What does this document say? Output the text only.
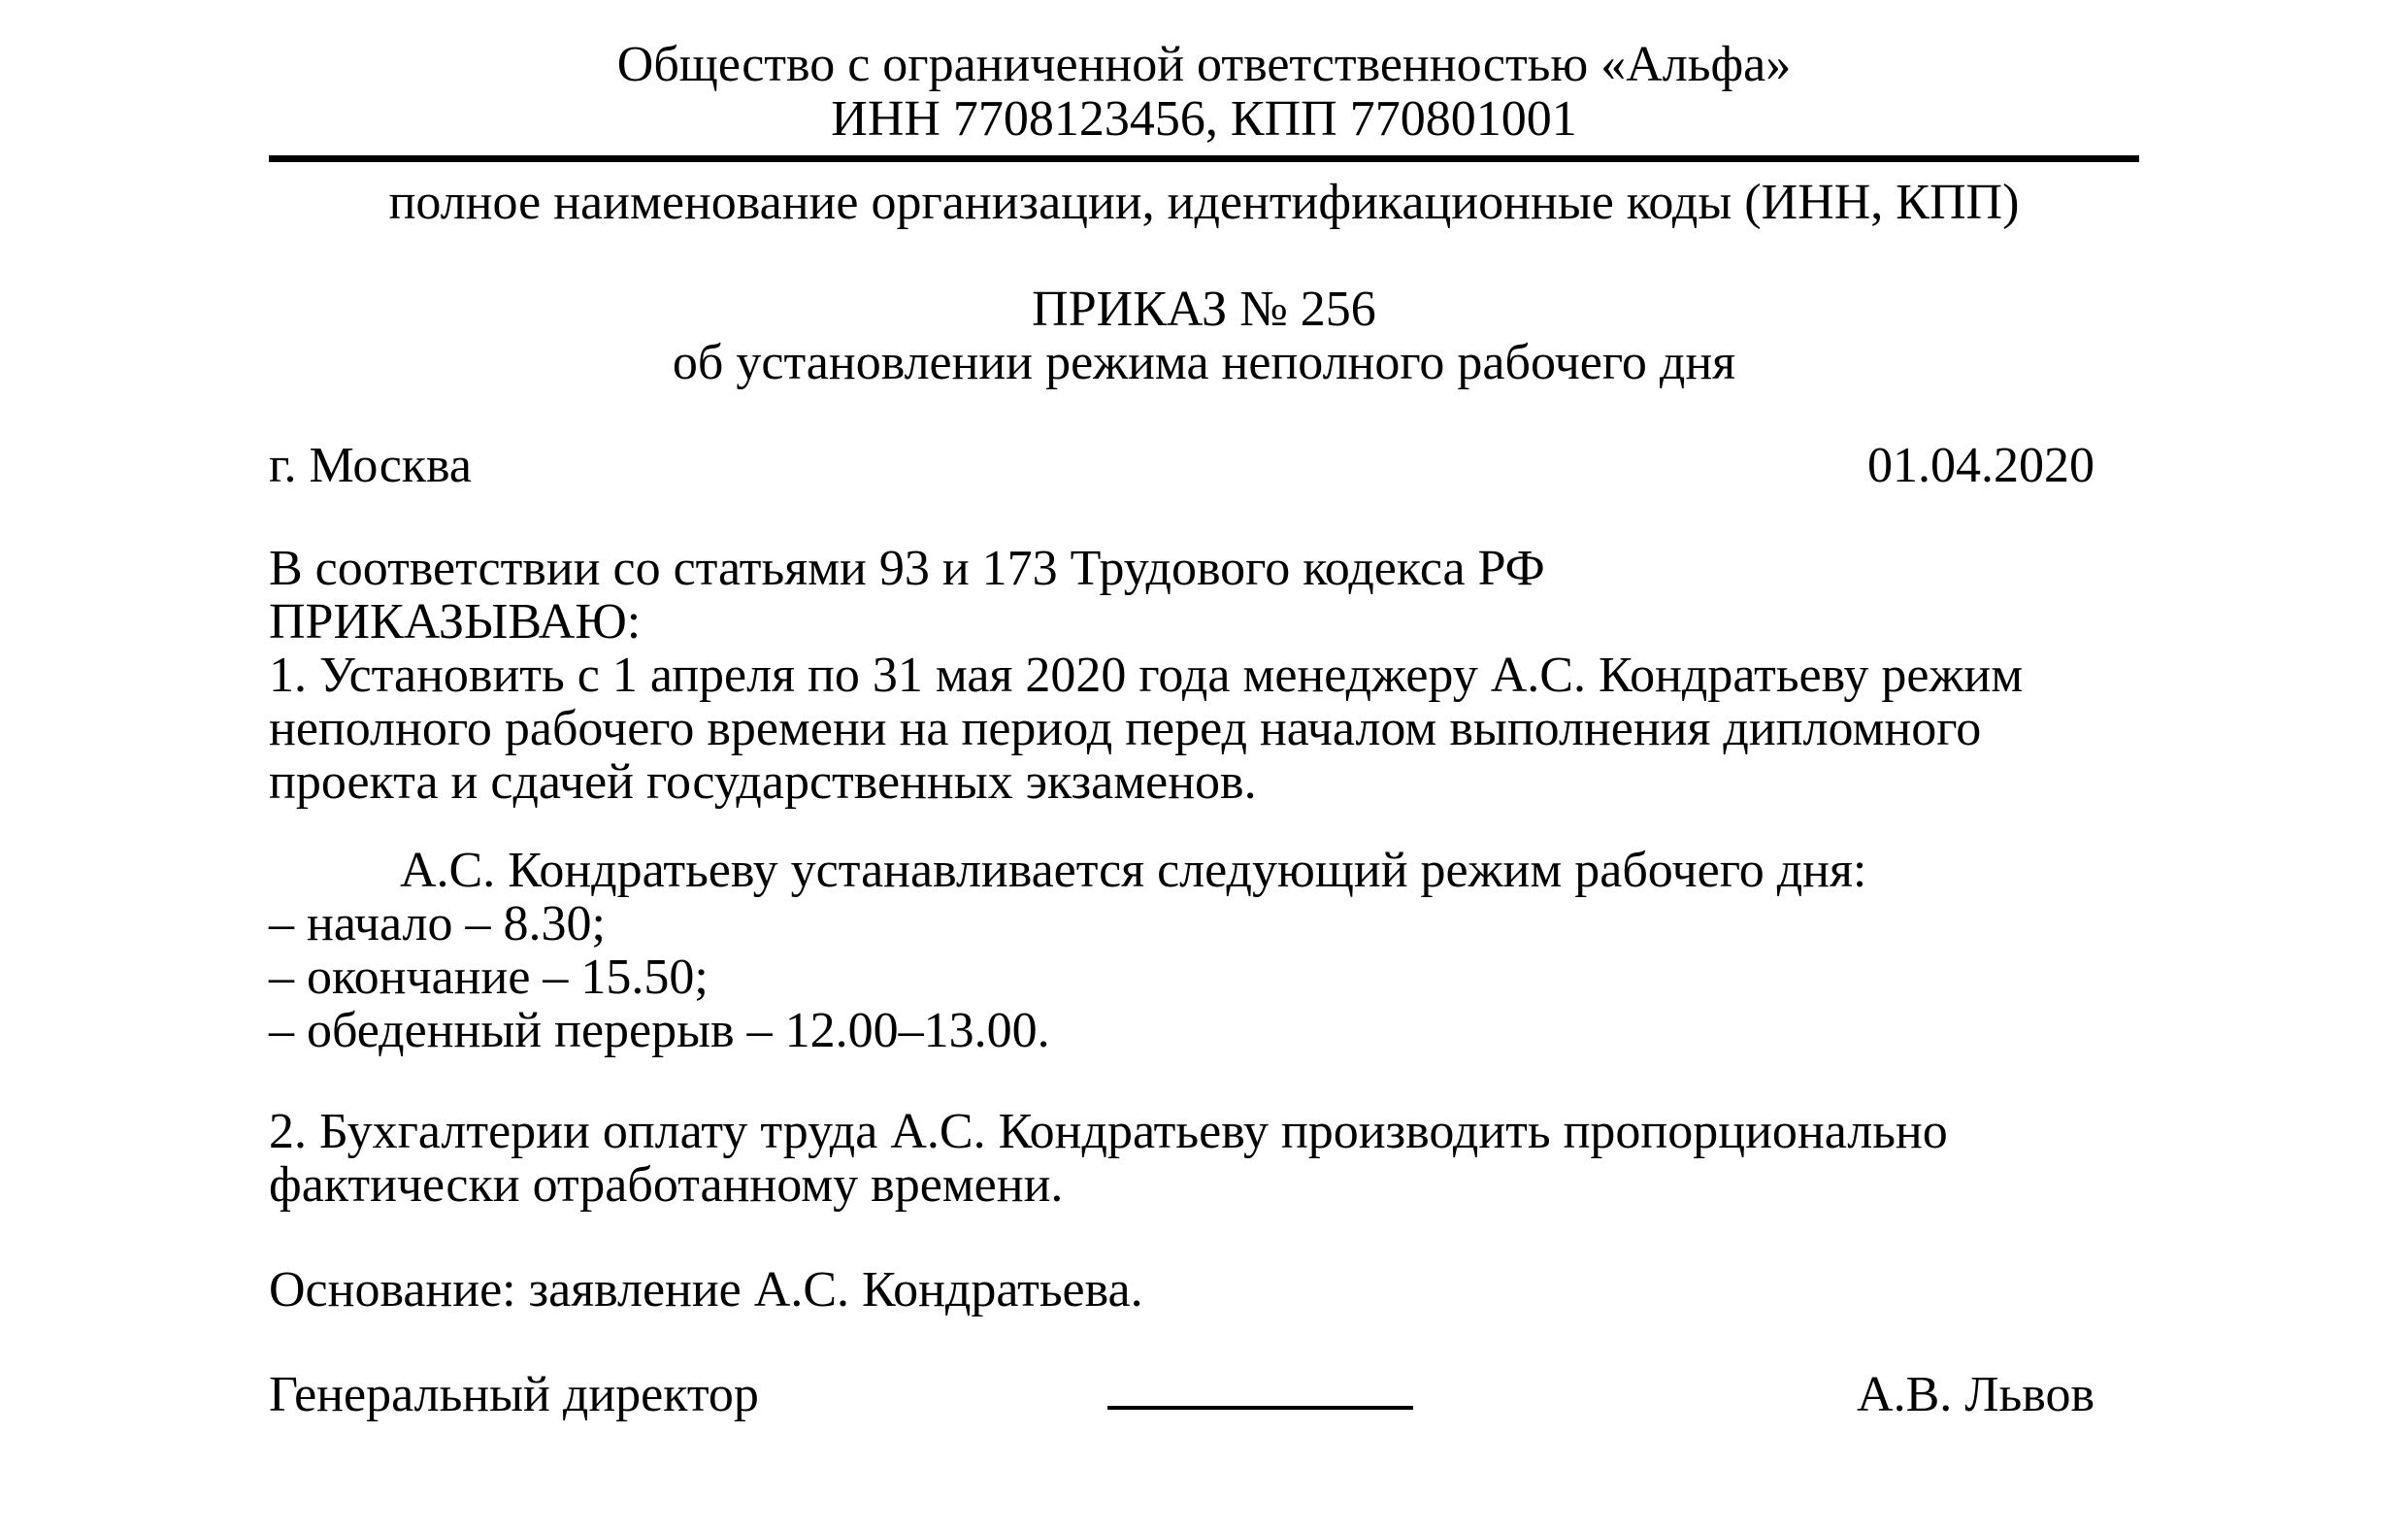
Общество с ограниченной ответственностью «Альфа»
ИНН 7708123456, КПП 770801001
полное наименование организации, идентификационные коды (ИНН, КПП)
ПРИКАЗ № 256
об установлении режима неполного рабочего дня
г. Москва	01.04.2020
В соответствии со статьями 93 и 173 Трудового кодекса РФ
ПРИКАЗЫВАЮ:
1. Установить с 1 апреля по 31 мая 2020 года менеджеру А.С. Кондратьеву режим
неполного рабочего времени на период перед началом выполнения дипломного
проекта и сдачей государственных экзаменов.
А.С. Кондратьеву устанавливается следующий режим рабочего дня:
– начало – 8.30;
– окончание – 15.50;
– обеденный перерыв – 12.00–13.00.
2. Бухгалтерии оплату труда А.С. Кондратьеву производить пропорционально
фактически отработанному времени.
Основание: заявление А.С. Кондратьева.
Генеральный директор	А.В. Львов
